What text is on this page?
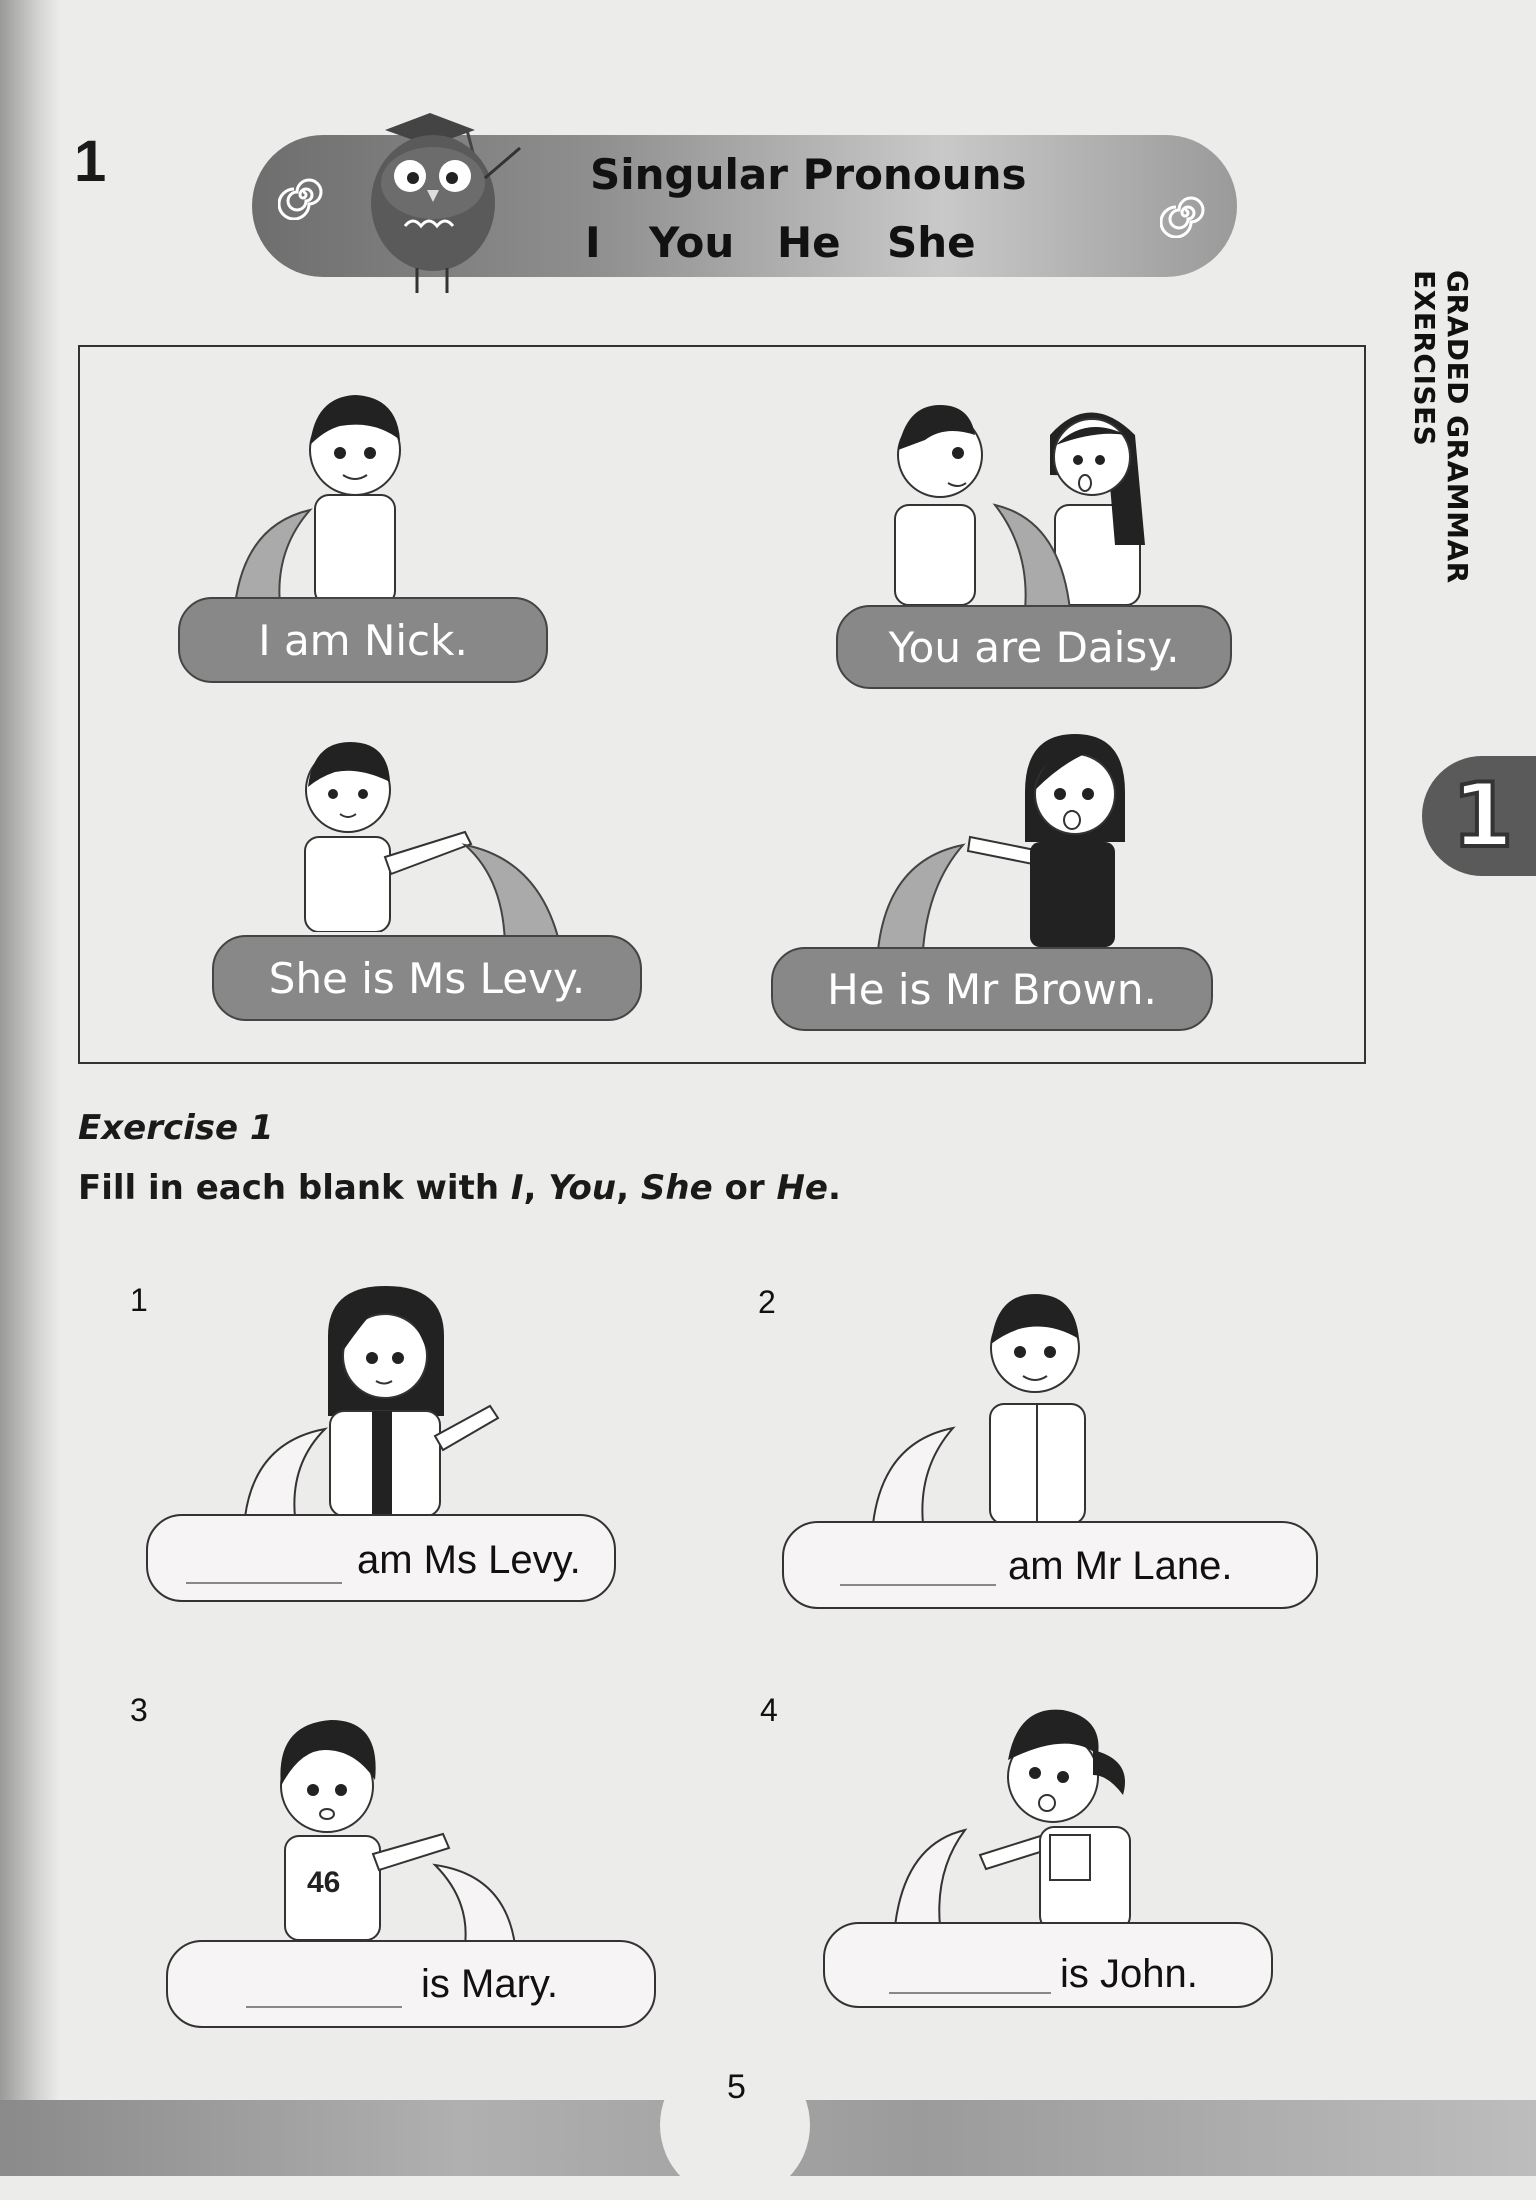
1	Singular Pronouns
I You He She
GRADED GRAMMAR EXERCISES
1
I am Nick.	You are Daisy.
She is Ms Levy.	He is Mr Brown.
Exercise 1
Fill in each blank with I, You, She or He.
1
am Ms Levy.
2
am Mr Lane.
3
46
is Mary.
4
is John.
5
